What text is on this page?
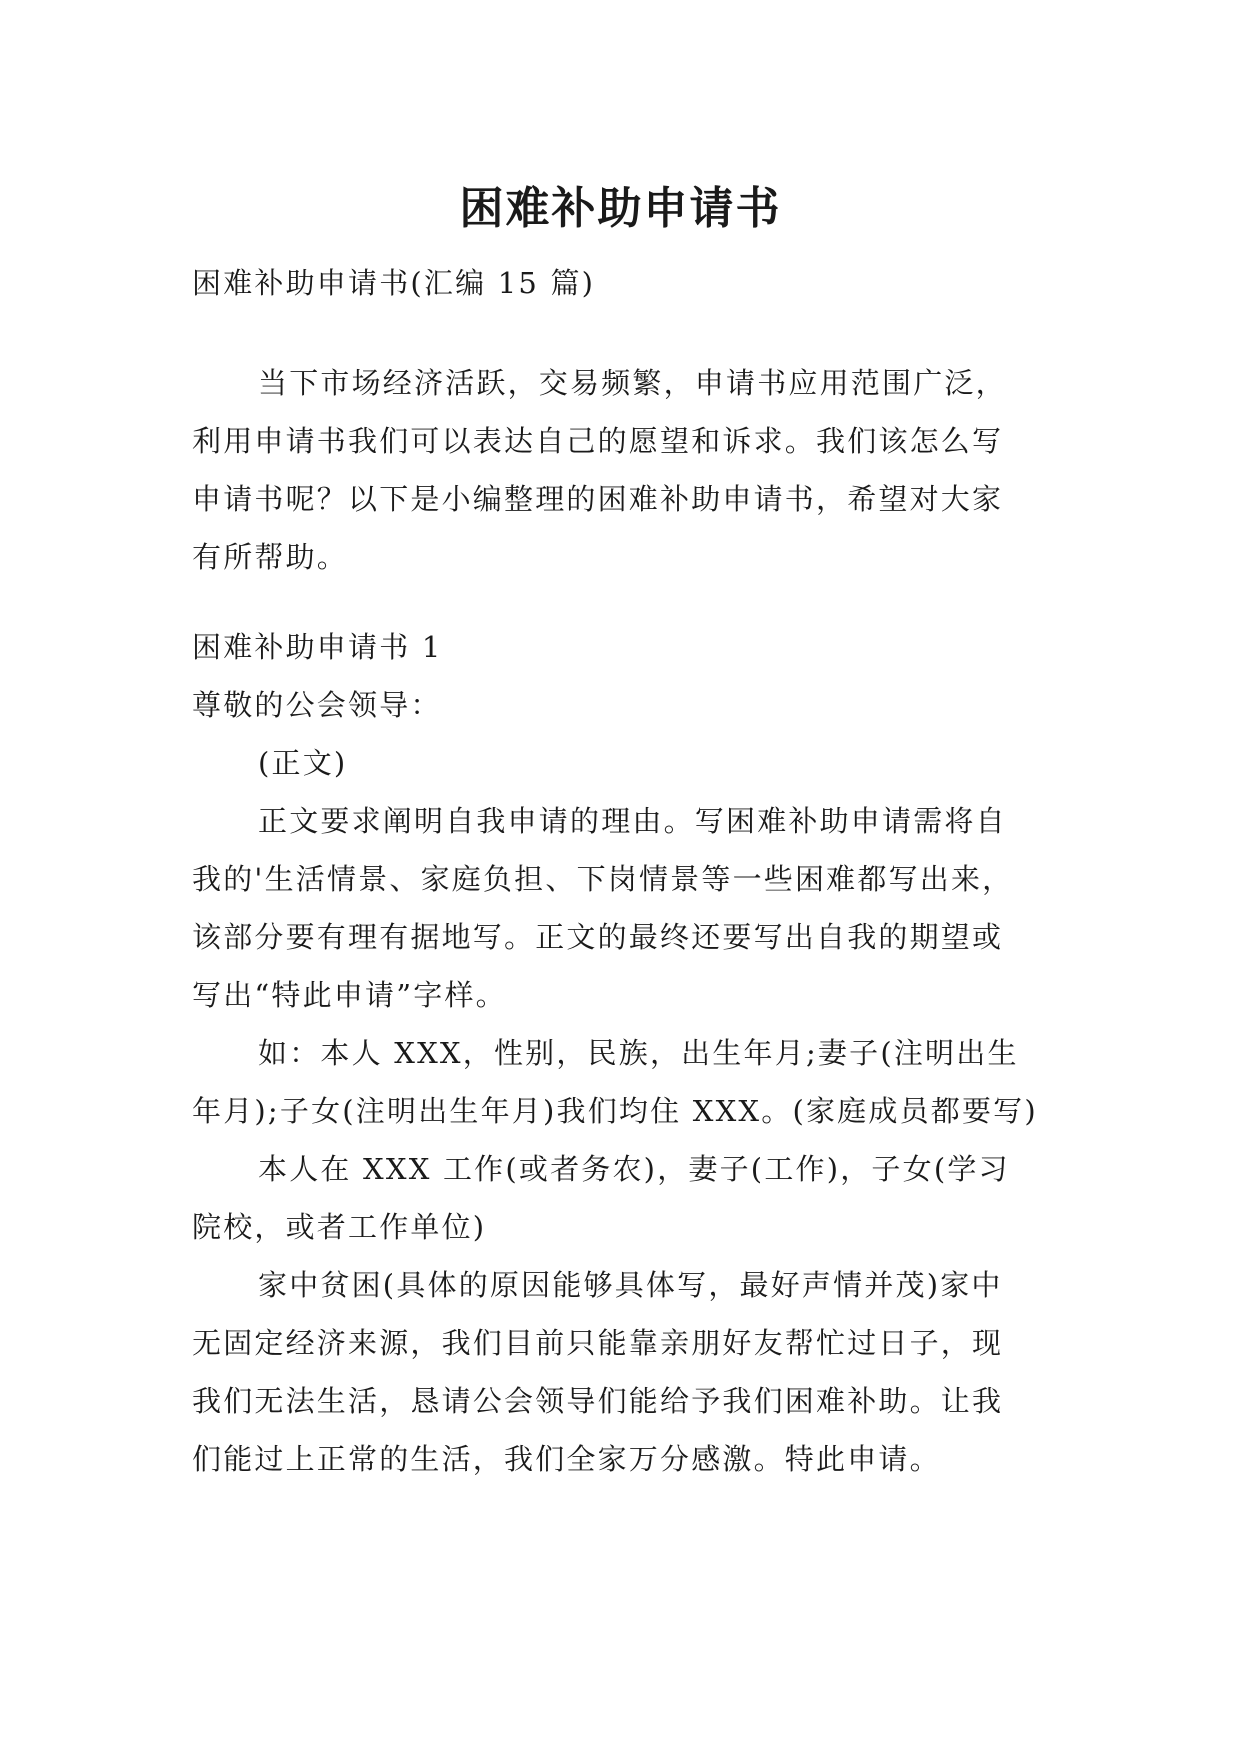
困难补助申请书

困难补助申请书(汇编 15 篇)

当下市场经济活跃，交易频繁，申请书应用范围广泛，
利用申请书我们可以表达自己的愿望和诉求。我们该怎么写
申请书呢？以下是小编整理的困难补助申请书，希望对大家
有所帮助。

困难补助申请书 1
尊敬的公会领导：
(正文)
正文要求阐明自我申请的理由。写困难补助申请需将自
我的'生活情景、家庭负担、下岗情景等一些困难都写出来，
该部分要有理有据地写。正文的最终还要写出自我的期望或
写出“特此申请”字样。
如：本人 XXX，性别，民族，出生年月;妻子(注明出生
年月);子女(注明出生年月)我们均住 XXX。(家庭成员都要写)
本人在 XXX 工作(或者务农)，妻子(工作)，子女(学习
院校，或者工作单位)
家中贫困(具体的原因能够具体写，最好声情并茂)家中
无固定经济来源，我们目前只能靠亲朋好友帮忙过日子，现
我们无法生活，恳请公会领导们能给予我们困难补助。让我
们能过上正常的生活，我们全家万分感激。特此申请。
